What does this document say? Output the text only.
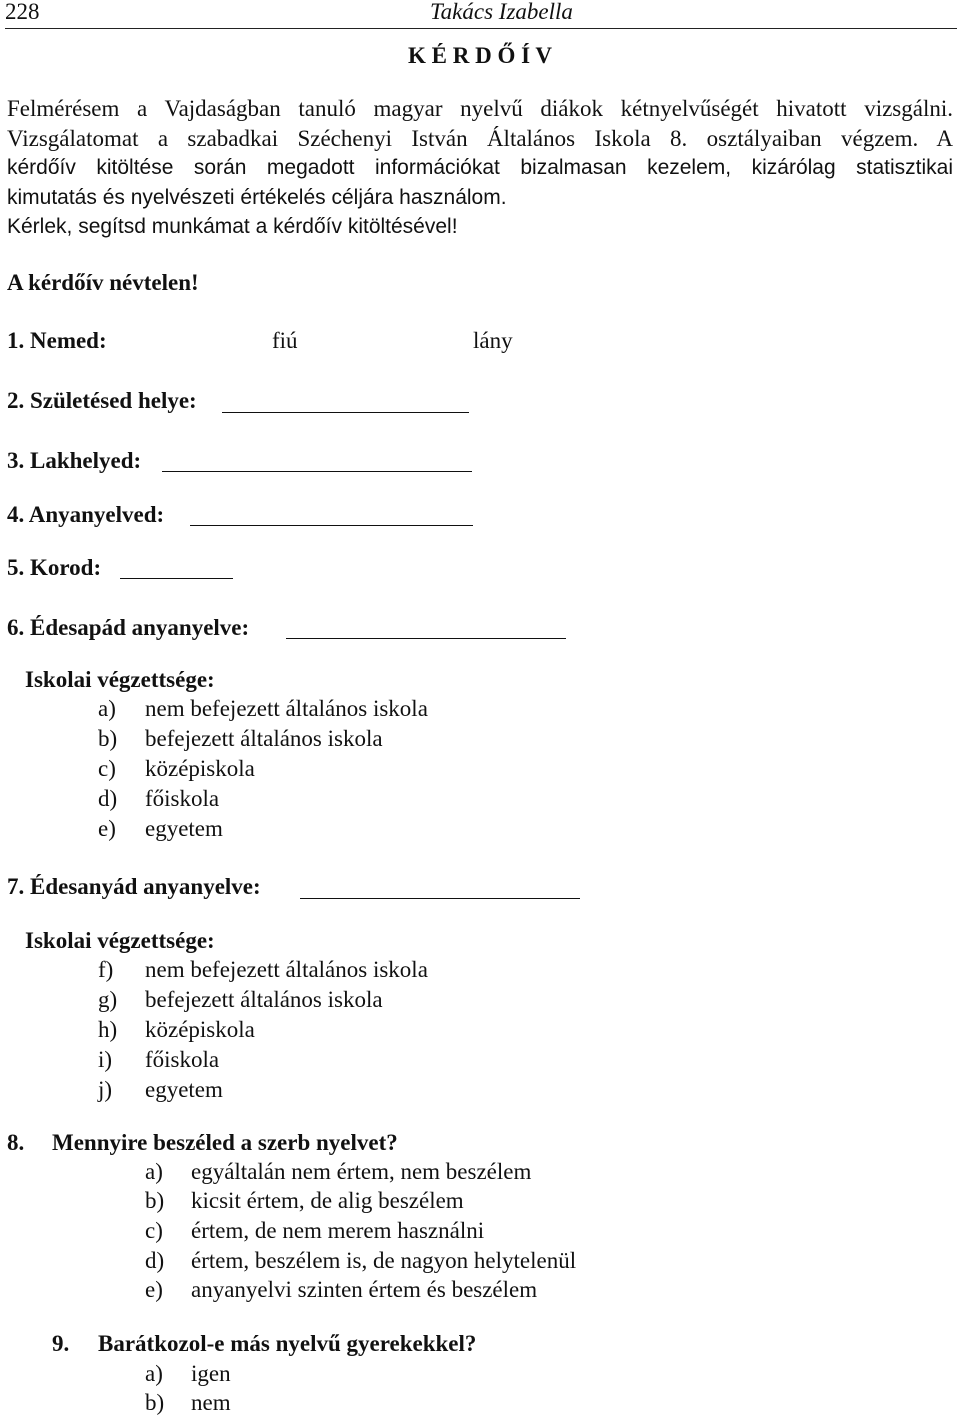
228	Takács Izabella
K É R D Ő Í V
Felmérésem a Vajdaságban tanuló magyar nyelvű diákok kétnyelvűségét hivatott vizsgálni.
Vizsgálatomat a szabadkai Széchenyi István Általános Iskola 8. osztályaiban végzem. A
kérdőív kitöltése során megadott információkat bizalmasan kezelem, kizárólag statisztikai
kimutatás és nyelvészeti értékelés céljára használom.
Kérlek, segítsd munkámat a kérdőív kitöltésével!
A kérdőív névtelen!
1. Nemed:	fiú	lány
2. Születésed helye:
3. Lakhelyed:
4. Anyanyelved:
5. Korod:
6. Édesapád anyanyelve:
Iskolai végzettsége:
a)	nem befejezett általános iskola
b)	befejezett általános iskola
c)	középiskola
d)	főiskola
e)	egyetem
7. Édesanyád anyanyelve:
Iskolai végzettsége:
f)	nem befejezett általános iskola
g)	befejezett általános iskola
h)	középiskola
i)	főiskola
j)	egyetem
8. Mennyire beszéled a szerb nyelvet?
a)	egyáltalán nem értem, nem beszélem
b)	kicsit értem, de alig beszélem
c)	értem, de nem merem használni
d)	értem, beszélem is, de nagyon helytelenül
e)	anyanyelvi szinten értem és beszélem
9. Barátkozol-e más nyelvű gyerekekkel?
a)	igen
b)	nem
